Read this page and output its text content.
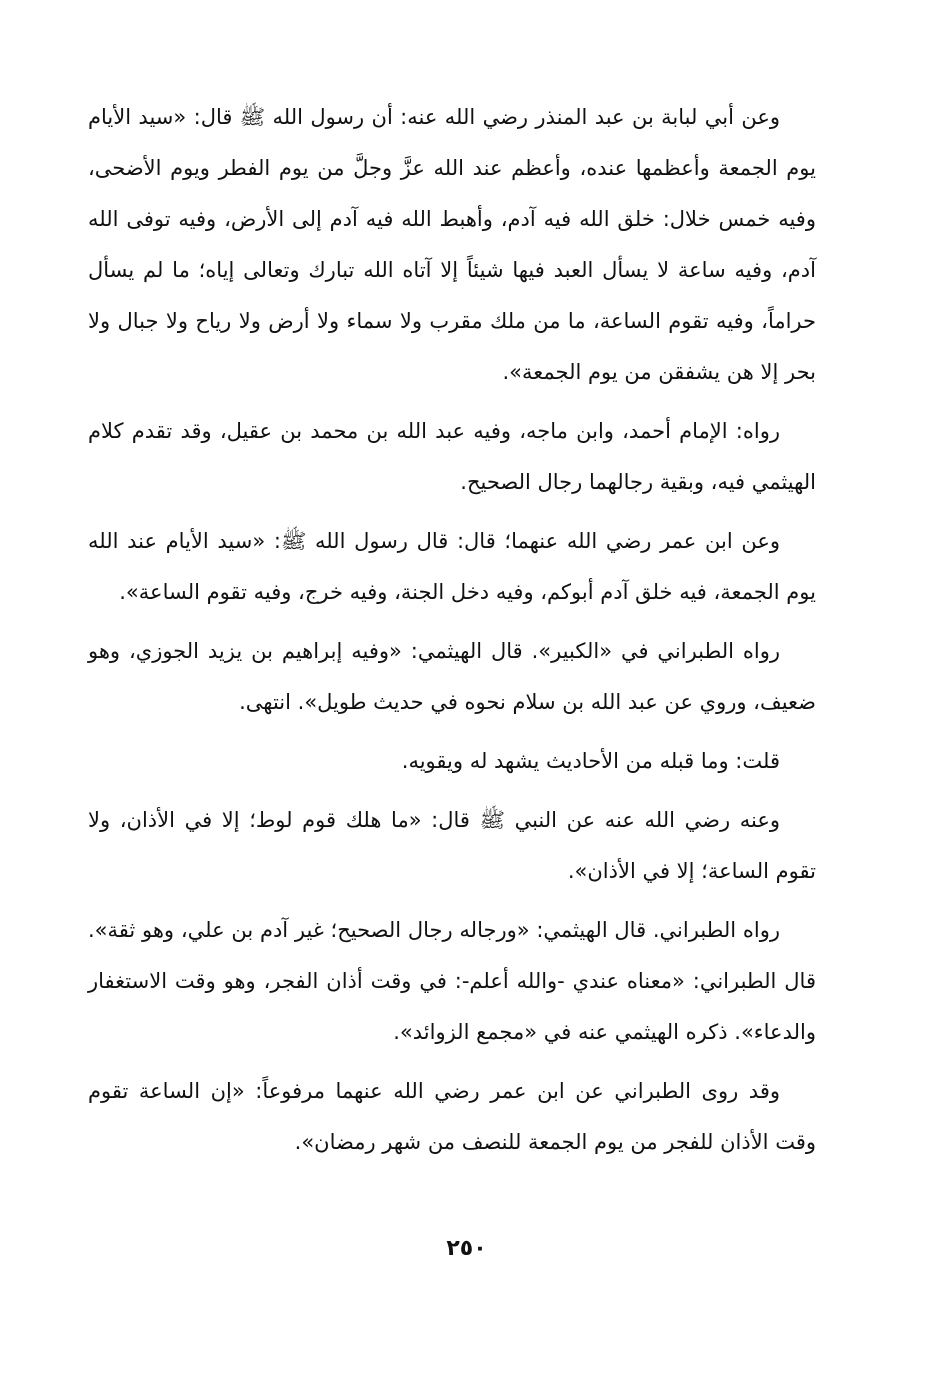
وعن أبي لبابة بن عبد المنذر رضي الله عنه: أن رسول الله ﷺ قال: «سيد الأيام يوم الجمعة وأعظمها عنده، وأعظم عند الله عزَّ وجلَّ من يوم الفطر ويوم الأضحى، وفيه خمس خلال: خلق الله فيه آدم، وأهبط الله فيه آدم إلى الأرض، وفيه توفى الله آدم، وفيه ساعة لا يسأل العبد فيها شيئاً إلا آتاه الله تبارك وتعالى إياه؛ ما لم يسأل حراماً، وفيه تقوم الساعة، ما من ملك مقرب ولا سماء ولا أرض ولا رياح ولا جبال ولا بحر إلا هن يشفقن من يوم الجمعة».

رواه: الإمام أحمد، وابن ماجه، وفيه عبد الله بن محمد بن عقيل، وقد تقدم كلام الهيثمي فيه، وبقية رجالهما رجال الصحيح.

وعن ابن عمر رضي الله عنهما؛ قال: قال رسول الله ﷺ: «سيد الأيام عند الله يوم الجمعة، فيه خلق آدم أبوكم، وفيه دخل الجنة، وفيه خرج، وفيه تقوم الساعة».

رواه الطبراني في «الكبير». قال الهيثمي: «وفيه إبراهيم بن يزيد الجوزي، وهو ضعيف، وروي عن عبد الله بن سلام نحوه في حديث طويل». انتهى.

قلت: وما قبله من الأحاديث يشهد له ويقويه.

وعنه رضي الله عنه عن النبي ﷺ قال: «ما هلك قوم لوط؛ إلا في الأذان، ولا تقوم الساعة؛ إلا في الأذان».

رواه الطبراني. قال الهيثمي: «ورجاله رجال الصحيح؛ غير آدم بن علي، وهو ثقة». قال الطبراني: «معناه عندي -والله أعلم-: في وقت أذان الفجر، وهو وقت الاستغفار والدعاء». ذكره الهيثمي عنه في «مجمع الزوائد».

وقد روى الطبراني عن ابن عمر رضي الله عنهما مرفوعاً: «إن الساعة تقوم وقت الأذان للفجر من يوم الجمعة للنصف من شهر رمضان».

٢٥٠
